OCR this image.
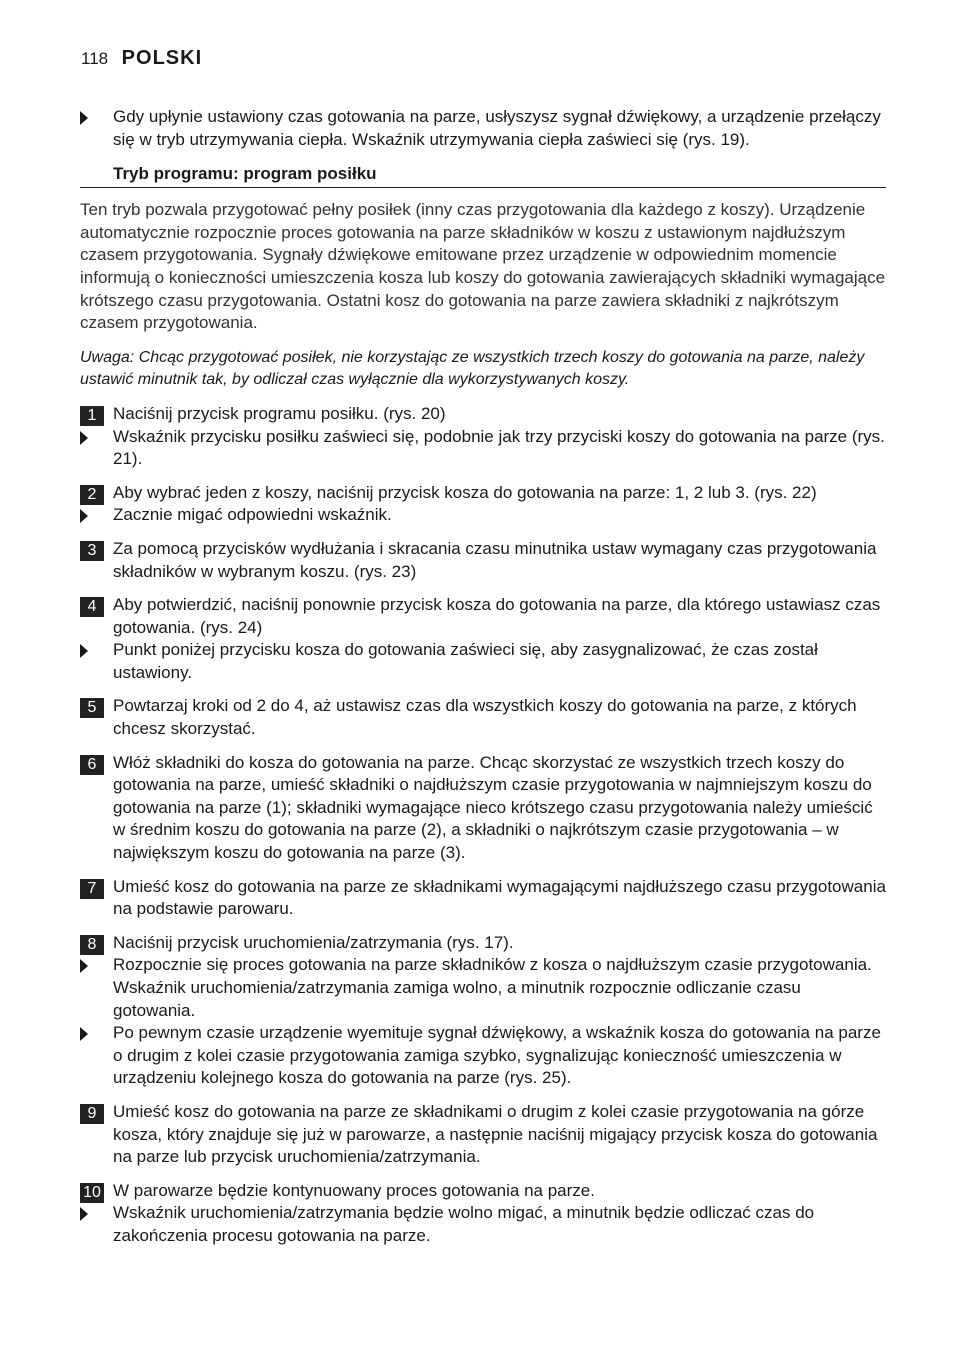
118 POLSKI
Gdy upłynie ustawiony czas gotowania na parze, usłyszysz sygnał dźwiękowy, a urządzenie przełączy się w tryb utrzymywania ciepła. Wskaźnik utrzymywania ciepła zaświeci się (rys. 19).
Tryb programu: program posiłku
Ten tryb pozwala przygotować pełny posiłek (inny czas przygotowania dla każdego z koszy). Urządzenie automatycznie rozpocznie proces gotowania na parze składników w koszu z ustawionym najdłuższym czasem przygotowania. Sygnały dźwiękowe emitowane przez urządzenie w odpowiednim momencie informują o konieczności umieszczenia kosza lub koszy do gotowania zawierających składniki wymagające krótszego czasu przygotowania. Ostatni kosz do gotowania na parze zawiera składniki z najkrótszym czasem przygotowania.
Uwaga: Chcąc przygotować posiłek, nie korzystając ze wszystkich trzech koszy do gotowania na parze, należy ustawić minutnik tak, by odliczał czas wyłącznie dla wykorzystywanych koszy.
1 Naciśnij przycisk programu posiłku. (rys. 20)
Wskaźnik przycisku posiłku zaświeci się, podobnie jak trzy przyciski koszy do gotowania na parze (rys. 21).
2 Aby wybrać jeden z koszy, naciśnij przycisk kosza do gotowania na parze: 1, 2 lub 3. (rys. 22)
Zacznie migać odpowiedni wskaźnik.
3 Za pomocą przycisków wydłużania i skracania czasu minutnika ustaw wymagany czas przygotowania składników w wybranym koszu. (rys. 23)
4 Aby potwierdzić, naciśnij ponownie przycisk kosza do gotowania na parze, dla którego ustawiasz czas gotowania. (rys. 24)
Punkt poniżej przycisku kosza do gotowania zaświeci się, aby zasygnalizować, że czas został ustawiony.
5 Powtarzaj kroki od 2 do 4, aż ustawisz czas dla wszystkich koszy do gotowania na parze, z których chcesz skorzystać.
6 Włóż składniki do kosza do gotowania na parze. Chcąc skorzystać ze wszystkich trzech koszy do gotowania na parze, umieść składniki o najdłuższym czasie przygotowania w najmniejszym koszu do gotowania na parze (1); składniki wymagające nieco krótszego czasu przygotowania należy umieścić w średnim koszu do gotowania na parze (2), a składniki o najkrótszym czasie przygotowania – w największym koszu do gotowania na parze (3).
7 Umieść kosz do gotowania na parze ze składnikami wymagającymi najdłuższego czasu przygotowania na podstawie parowaru.
8 Naciśnij przycisk uruchomienia/zatrzymania (rys. 17).
Rozpocznie się proces gotowania na parze składników z kosza o najdłuższym czasie przygotowania. Wskaźnik uruchomienia/zatrzymania zamiga wolno, a minutnik rozpocznie odliczanie czasu gotowania.
Po pewnym czasie urządzenie wyemituje sygnał dźwiękowy, a wskaźnik kosza do gotowania na parze o drugim z kolei czasie przygotowania zamiga szybko, sygnalizując konieczność umieszczenia w urządzeniu kolejnego kosza do gotowania na parze (rys. 25).
9 Umieść kosz do gotowania na parze ze składnikami o drugim z kolei czasie przygotowania na górze kosza, który znajduje się już w parowarze, a następnie naciśnij migający przycisk kosza do gotowania na parze lub przycisk uruchomienia/zatrzymania.
10 W parowarze będzie kontynuowany proces gotowania na parze.
Wskaźnik uruchomienia/zatrzymania będzie wolno migać, a minutnik będzie odliczać czas do zakończenia procesu gotowania na parze.
